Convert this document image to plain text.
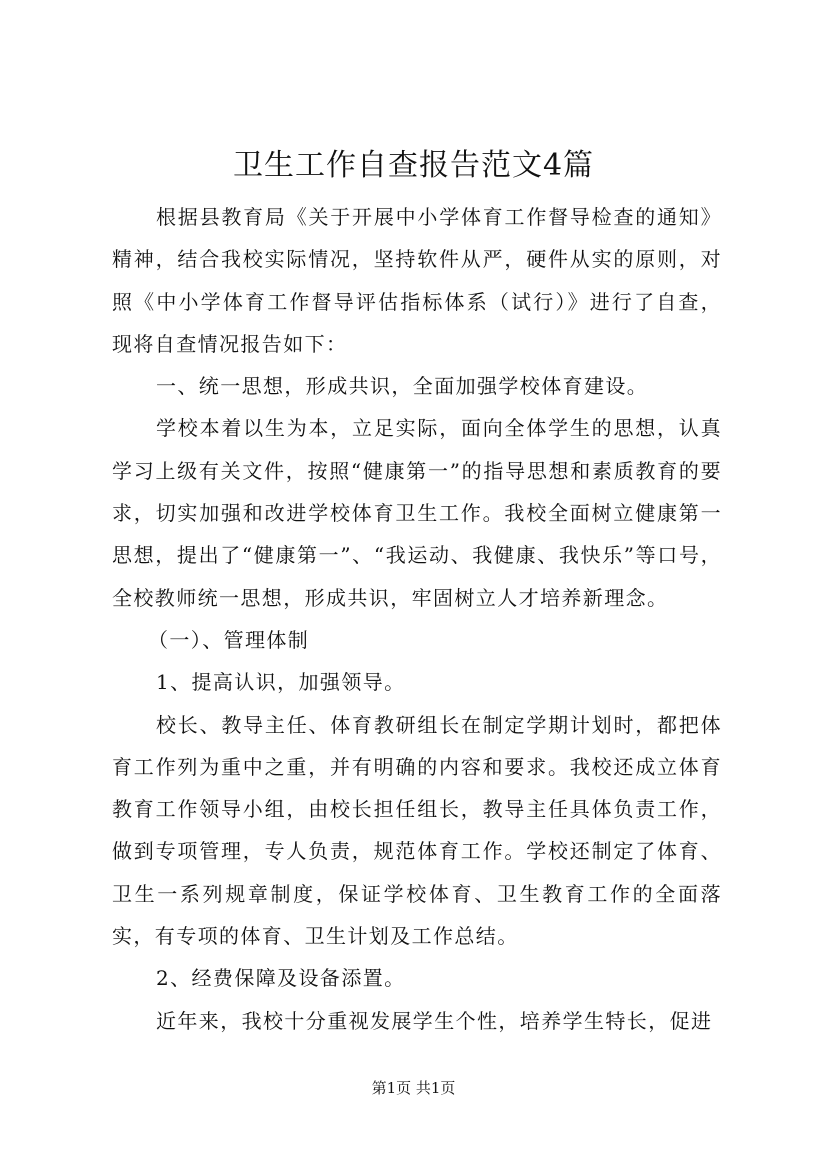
卫生工作自查报告范文4篇

根据县教育局《关于开展中小学体育工作督导检查的通知》精神，结合我校实际情况，坚持软件从严，硬件从实的原则，对照《中小学体育工作督导评估指标体系（试行）》进行了自查，现将自查情况报告如下：

一、统一思想，形成共识，全面加强学校体育建设。

学校本着以生为本，立足实际，面向全体学生的思想，认真学习上级有关文件，按照“健康第一”的指导思想和素质教育的要求，切实加强和改进学校体育卫生工作。我校全面树立健康第一思想，提出了“健康第一”、“我运动、我健康、我快乐”等口号，全校教师统一思想，形成共识，牢固树立人才培养新理念。

（一）、管理体制

1、提高认识，加强领导。

校长、教导主任、体育教研组长在制定学期计划时，都把体育工作列为重中之重，并有明确的内容和要求。我校还成立体育教育工作领导小组，由校长担任组长，教导主任具体负责工作，做到专项管理，专人负责，规范体育工作。学校还制定了体育、卫生一系列规章制度，保证学校体育、卫生教育工作的全面落实，有专项的体育、卫生计划及工作总结。

2、经费保障及设备添置。

近年来，我校十分重视发展学生个性，培养学生特长，促进

第1页 共1页
